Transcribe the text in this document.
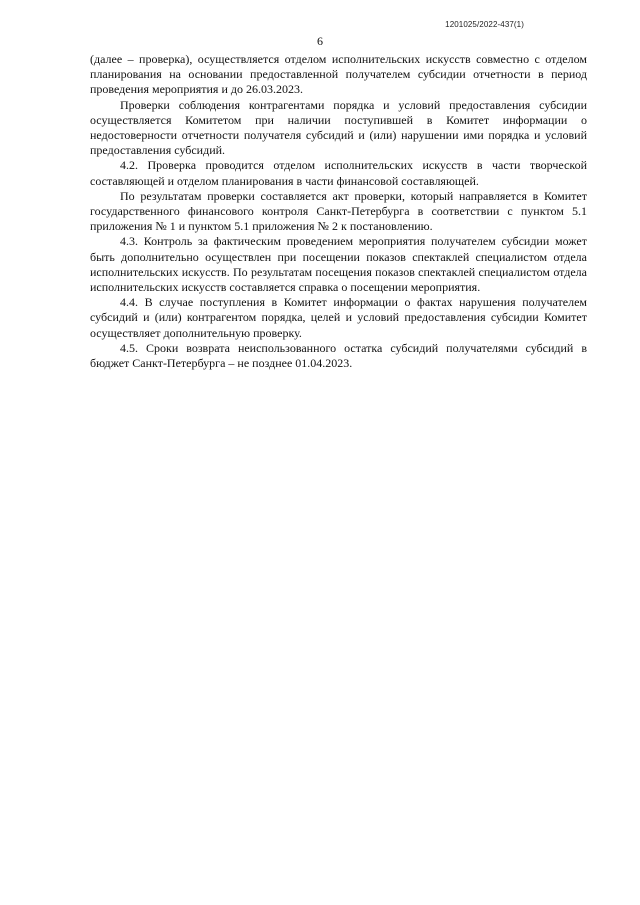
1201025/2022-437(1)
6

(далее – проверка), осуществляется отделом исполнительских искусств совместно с отделом планирования на основании предоставленной получателем субсидии отчетности в период проведения мероприятия и до 26.03.2023.

Проверки соблюдения контрагентами порядка и условий предоставления субсидии осуществляется Комитетом при наличии поступившей в Комитет информации о недостоверности отчетности получателя субсидий и (или) нарушении ими порядка и условий предоставления субсидий.

4.2. Проверка проводится отделом исполнительских искусств в части творческой составляющей и отделом планирования в части финансовой составляющей.

По результатам проверки составляется акт проверки, который направляется в Комитет государственного финансового контроля Санкт-Петербурга в соответствии с пунктом 5.1 приложения № 1 и пунктом 5.1 приложения № 2 к постановлению.

4.3. Контроль за фактическим проведением мероприятия получателем субсидии может быть дополнительно осуществлен при посещении показов спектаклей специалистом отдела исполнительских искусств. По результатам посещения показов спектаклей специалистом отдела исполнительских искусств составляется справка о посещении мероприятия.

4.4. В случае поступления в Комитет информации о фактах нарушения получателем субсидий и (или) контрагентом порядка, целей и условий предоставления субсидии Комитет осуществляет дополнительную проверку.

4.5. Сроки возврата неиспользованного остатка субсидий получателями субсидий в бюджет Санкт-Петербурга – не позднее 01.04.2023.
